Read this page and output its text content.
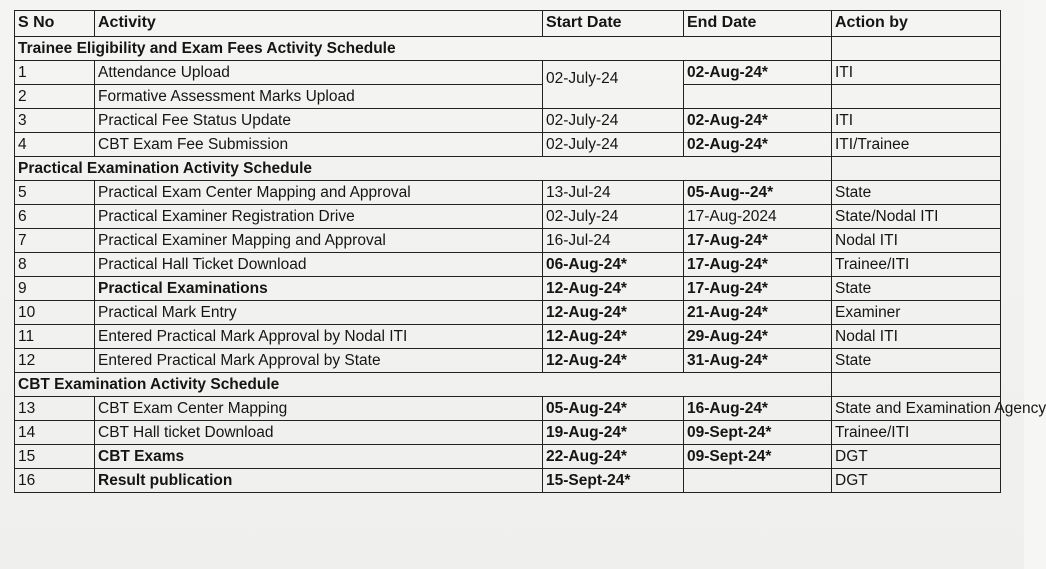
S No	Activity	Start Date	End Date	Action by
Trainee Eligibility and Exam Fees Activity Schedule				
1	Attendance Upload	02-July-24	02-Aug-24*	ITI
2	Formative Assessment Marks Upload			
3	Practical Fee Status Update	02-July-24	02-Aug-24*	ITI
4	CBT Exam Fee Submission	02-July-24	02-Aug-24*	ITI/Trainee
Practical Examination Activity Schedule				
5	Practical Exam Center Mapping and Approval	13-Jul-24	05-Aug--24*	State
6	Practical Examiner Registration Drive	02-July-24	17-Aug-2024	State/Nodal ITI
7	Practical Examiner Mapping and Approval	16-Jul-24	17-Aug-24*	Nodal ITI
8	Practical Hall Ticket Download	06-Aug-24*	17-Aug-24*	Trainee/ITI
9	Practical Examinations	12-Aug-24*	17-Aug-24*	State
10	Practical Mark Entry	12-Aug-24*	21-Aug-24*	Examiner
11	Entered Practical Mark Approval by Nodal ITI	12-Aug-24*	29-Aug-24*	Nodal ITI
12	Entered Practical Mark Approval by State	12-Aug-24*	31-Aug-24*	State
CBT Examination Activity Schedule				
13	CBT Exam Center Mapping	05-Aug-24*	16-Aug-24*	State and Examination Agency
14	CBT Hall ticket Download	19-Aug-24*	09-Sept-24*	Trainee/ITI
15	CBT Exams	22-Aug-24*	09-Sept-24*	DGT
16	Result publication	15-Sept-24*		DGT
